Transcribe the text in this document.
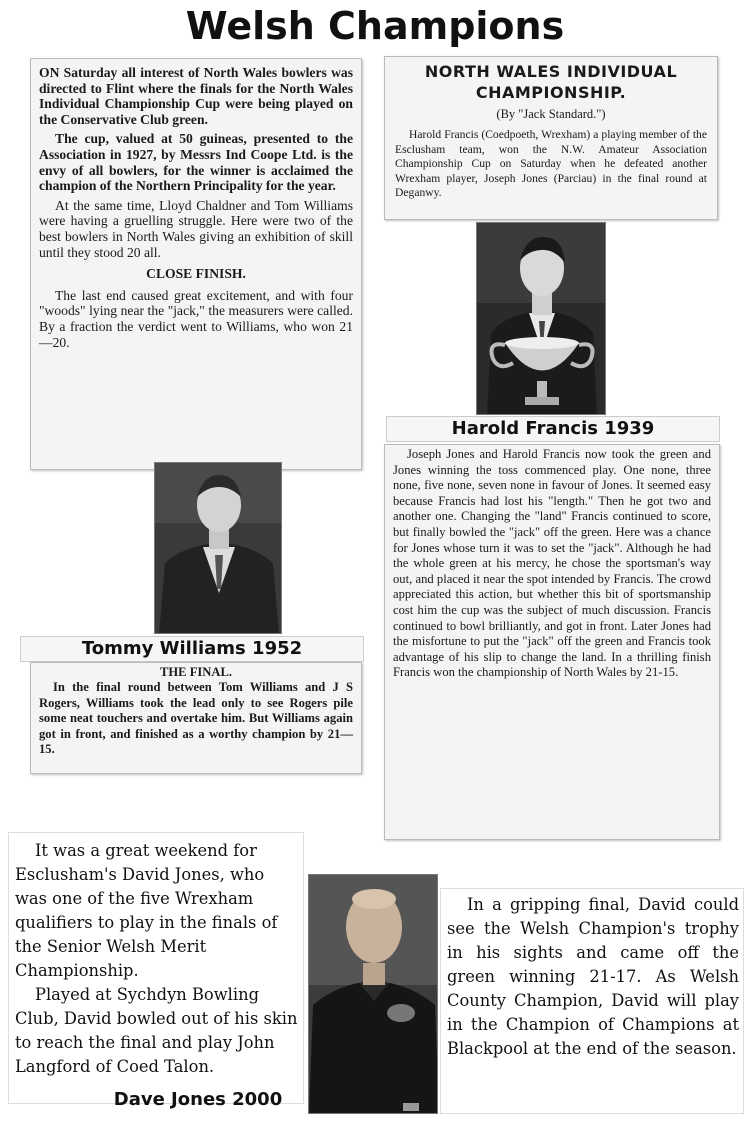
Welsh Champions

ON Saturday all interest of North Wales bowlers was directed to Flint where the finals for the North Wales Individual Championship Cup were being played on the Conservative Club green.

The cup, valued at 50 guineas, presented to the Association in 1927, by Messrs Ind Coope Ltd. is the envy of all bowlers, for the winner is acclaimed the champion of the Northern Principality for the year.

At the same time, Lloyd Chaldner and Tom Williams were having a gruelling struggle. Here were two of the best bowlers in North Wales giving an exhibition of skill until they stood 20 all.

CLOSE FINISH.

The last end caused great excitement, and with four "woods" lying near the "jack," the measurers were called. By a fraction the verdict went to Williams, who won 21—20.

NORTH WALES INDIVIDUAL CHAMPIONSHIP.
(By "Jack Standard.")

Harold Francis (Coedpoeth, Wrexham) a playing member of the Esclusham team, won the N.W. Amateur Association Championship Cup on Saturday when he defeated another Wrexham player, Joseph Jones (Parciau) in the final round at Deganwy.

Harold Francis 1939

Joseph Jones and Harold Francis now took the green and Jones winning the toss commenced play. One none, three none, five none, seven none in favour of Jones. It seemed easy because Francis had lost his "length." Then he got two and another one. Changing the "land" Francis continued to score, but finally bowled the "jack" off the green. Here was a chance for Jones whose turn it was to set the "jack". Although he had the whole green at his mercy, he chose the sportsman's way out, and placed it near the spot intended by Francis. The crowd appreciated this action, but whether this bit of sportsmanship cost him the cup was the subject of much discussion. Francis continued to bowl brilliantly, and got in front. Later Jones had the misfortune to put the "jack" off the green and Francis took advantage of his slip to change the land. In a thrilling finish Francis won the championship of North Wales by 21-15.

Tommy Williams 1952

THE FINAL.

In the final round between Tom Williams and J S Rogers, Williams took the lead only to see Rogers pile some neat touchers and overtake him. But Williams again got in front, and finished as a worthy champion by 21—15.

It was a great weekend for Esclusham's David Jones, who was one of the five Wrexham qualifiers to play in the finals of the Senior Welsh Merit Championship.

Played at Sychdyn Bowling Club, David bowled out of his skin to reach the final and play John Langford of Coed Talon.

Dave Jones 2000

In a gripping final, David could see the Welsh Champion's trophy in his sights and came off the green winning 21-17. As Welsh County Champion, David will play in the Champion of Champions at Blackpool at the end of the season.
